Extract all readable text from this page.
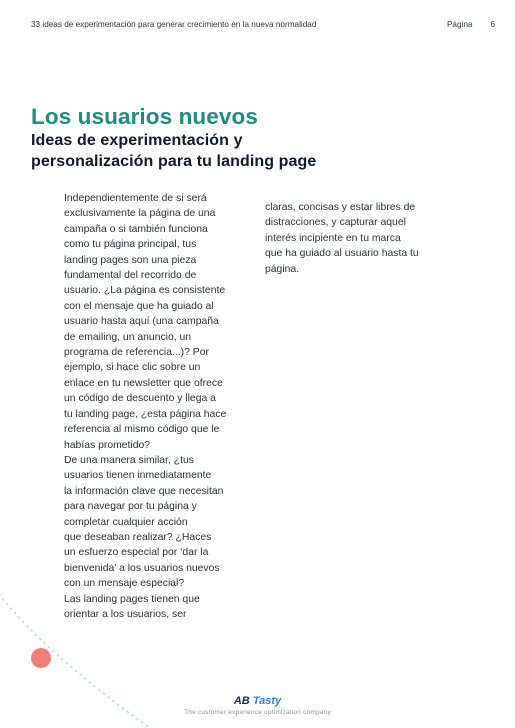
33 ideas de experimentación para generar crecimiento en la nueva normalidad	Página 6
Los usuarios nuevos
Ideas de experimentación y
personalización para tu landing page

Independientemente de si será
exclusivamente la página de una
campaña o si también funciona
como tu página principal, tus
landing pages son una pieza
fundamental del recorrido de
usuario. ¿La página es consistente
con el mensaje que ha guiado al
usuario hasta aquí (una campaña
de emailing, un anuncio, un
programa de referencia...)? Por
ejemplo, si hace clic sobre un
enlace en tu newsletter que ofrece
un código de descuento y llega a
tu landing page, ¿esta página hace
referencia al mismo código que le
habías prometido?
De una manera similar, ¿tus
usuarios tienen inmediatamente
la información clave que necesitan
para navegar por tu página y
completar cualquier acción
que deseaban realizar? ¿Haces
un esfuerzo especial por ‘dar la
bienvenida’ a los usuarios nuevos
con un mensaje especial?
Las landing pages tienen que
orientar a los usuarios, ser

claras, concisas y estar libres de
distracciones, y capturar aquel
interés incipiente en tu marca
que ha guiado al usuario hasta tu
página.

AB Tasty
The customer experience optimization company
